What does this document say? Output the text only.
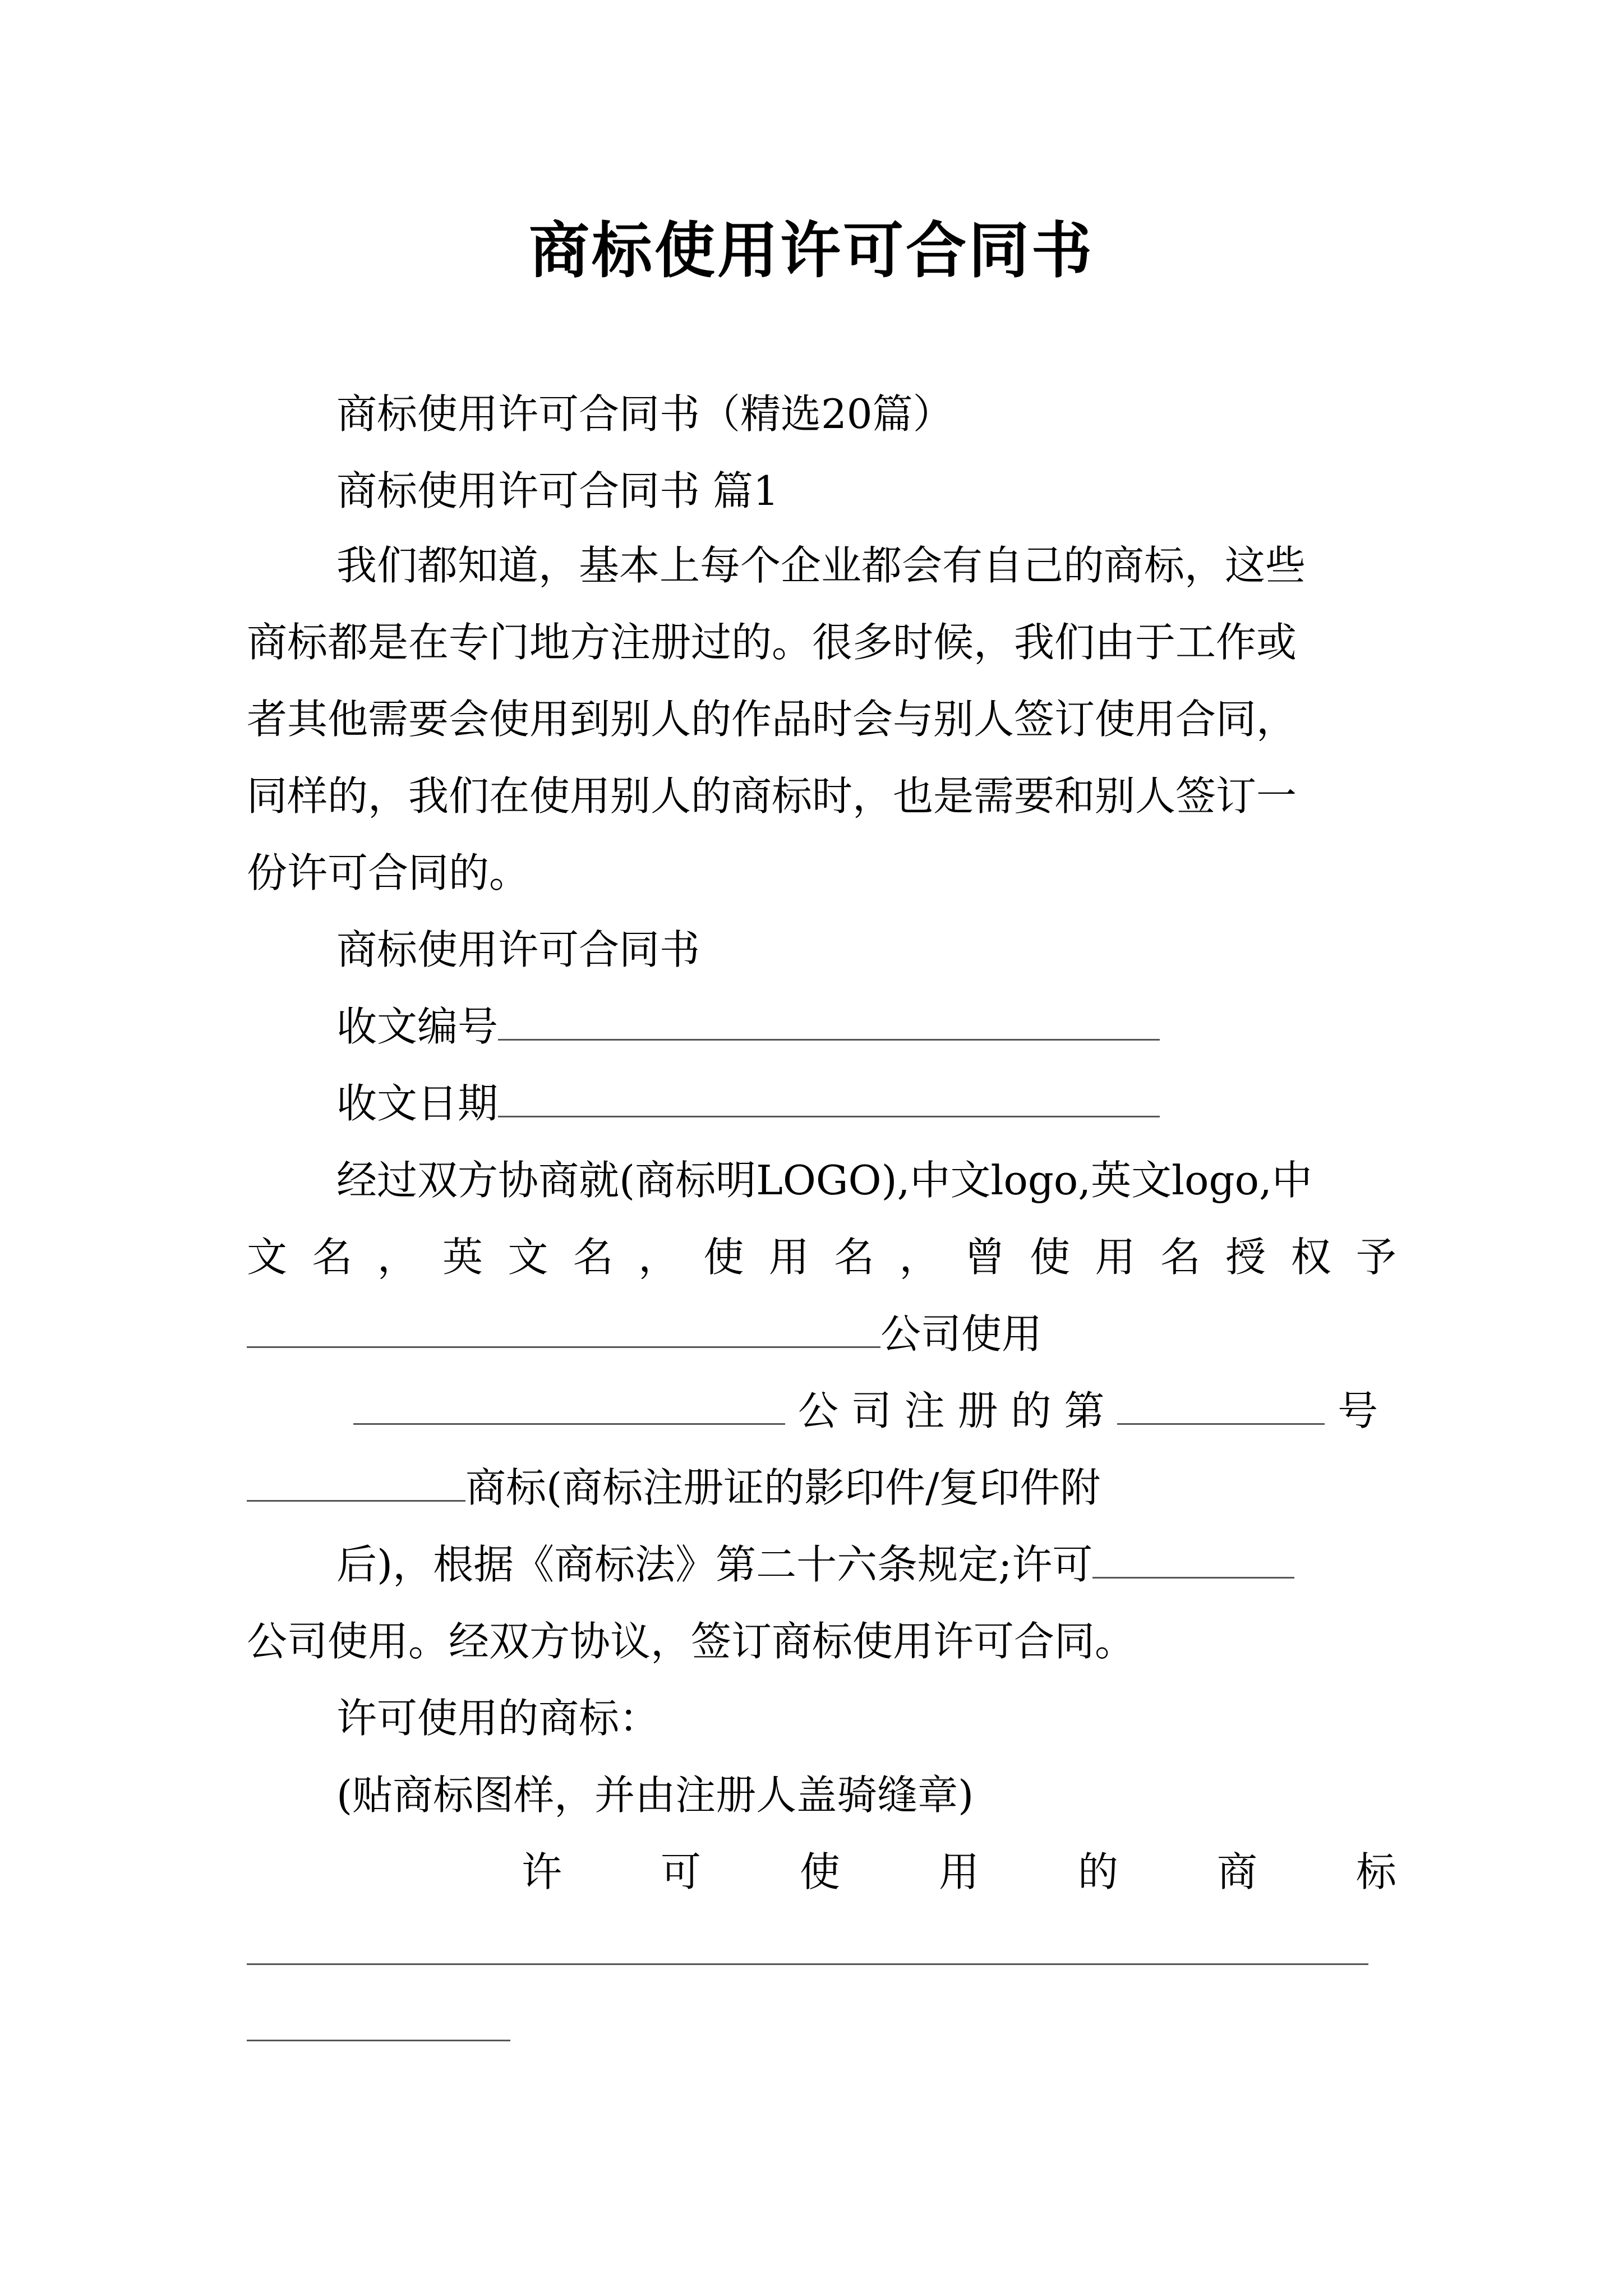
商标使用许可合同书
商标使用许可合同书（精选20篇）
商标使用许可合同书 篇1
我们都知道，基本上每个企业都会有自己的商标，这些
商标都是在专门地方注册过的。很多时候，我们由于工作或
者其他需要会使用到别人的作品时会与别人签订使用合同，
同样的，我们在使用别人的商标时，也是需要和别人签订一
份许可合同的。
商标使用许可合同书
收文编号
收文日期
经过双方协商就(商标明LOGO),中文logo,英文logo,中
文 名 ， 英 文 名 ， 使 用 名 ， 曾 使 用 名 授 权 予
公司使用
公 司 注 册 的 第	号
商标(商标注册证的影印件/复印件附
后)，根据《商标法》第二十六条规定;许可
公司使用。经双方协议，签订商标使用许可合同。
许可使用的商标：
(贴商标图样，并由注册人盖骑缝章)
许 可 使 用 的 商 标
